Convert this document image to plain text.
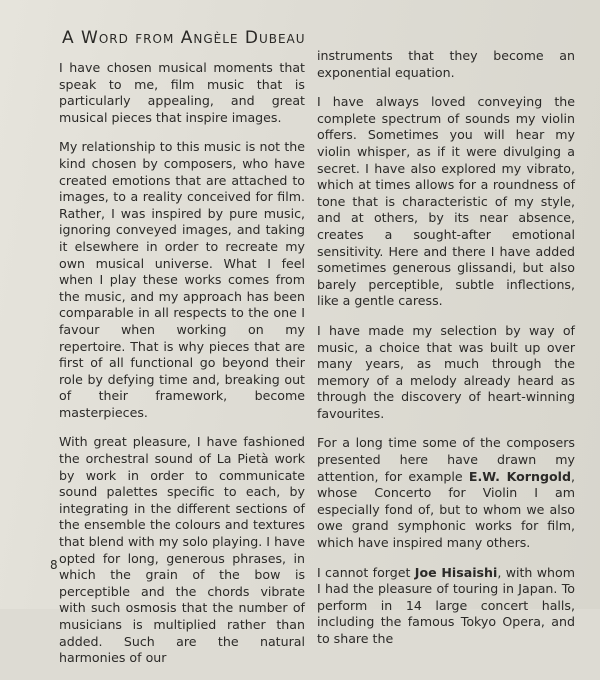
A Word from Angèle Dubeau

I have chosen musical moments that speak to me, film music that is particularly appealing, and great musical pieces that inspire images.

My relationship to this music is not the kind chosen by composers, who have created emotions that are attached to images, to a reality conceived for film. Rather, I was inspired by pure music, ignoring conveyed images, and taking it elsewhere in order to recreate my own musical universe. What I feel when I play these works comes from the music, and my approach has been comparable in all respects to the one I favour when working on my repertoire. That is why pieces that are first of all functional go beyond their role by defying time and, breaking out of their framework, become masterpieces.

With great pleasure, I have fashioned the orchestral sound of La Pietà work by work in order to communicate sound palettes specific to each, by integrating in the different sections of the ensemble the colours and textures that blend with my solo playing. I have opted for long, generous phrases, in which the grain of the bow is perceptible and the chords vibrate with such osmosis that the number of musicians is multiplied rather than added. Such are the natural harmonies of our

instruments that they become an exponential equation.

I have always loved conveying the complete spectrum of sounds my violin offers. Sometimes you will hear my violin whisper, as if it were divulging a secret. I have also explored my vibrato, which at times allows for a roundness of tone that is characteristic of my style, and at others, by its near absence, creates a sought-after emotional sensitivity. Here and there I have added sometimes generous glissandi, but also barely perceptible, subtle inflections, like a gentle caress.

I have made my selection by way of music, a choice that was built up over many years, as much through the memory of a melody already heard as through the discovery of heart-winning favourites.

For a long time some of the composers presented here have drawn my attention, for example E.W. Korngold, whose Concerto for Violin I am especially fond of, but to whom we also owe grand symphonic works for film, which have inspired many others.

I cannot forget Joe Hisaishi, with whom I had the pleasure of touring in Japan. To perform in 14 large concert halls, including the famous Tokyo Opera, and to share the

8
